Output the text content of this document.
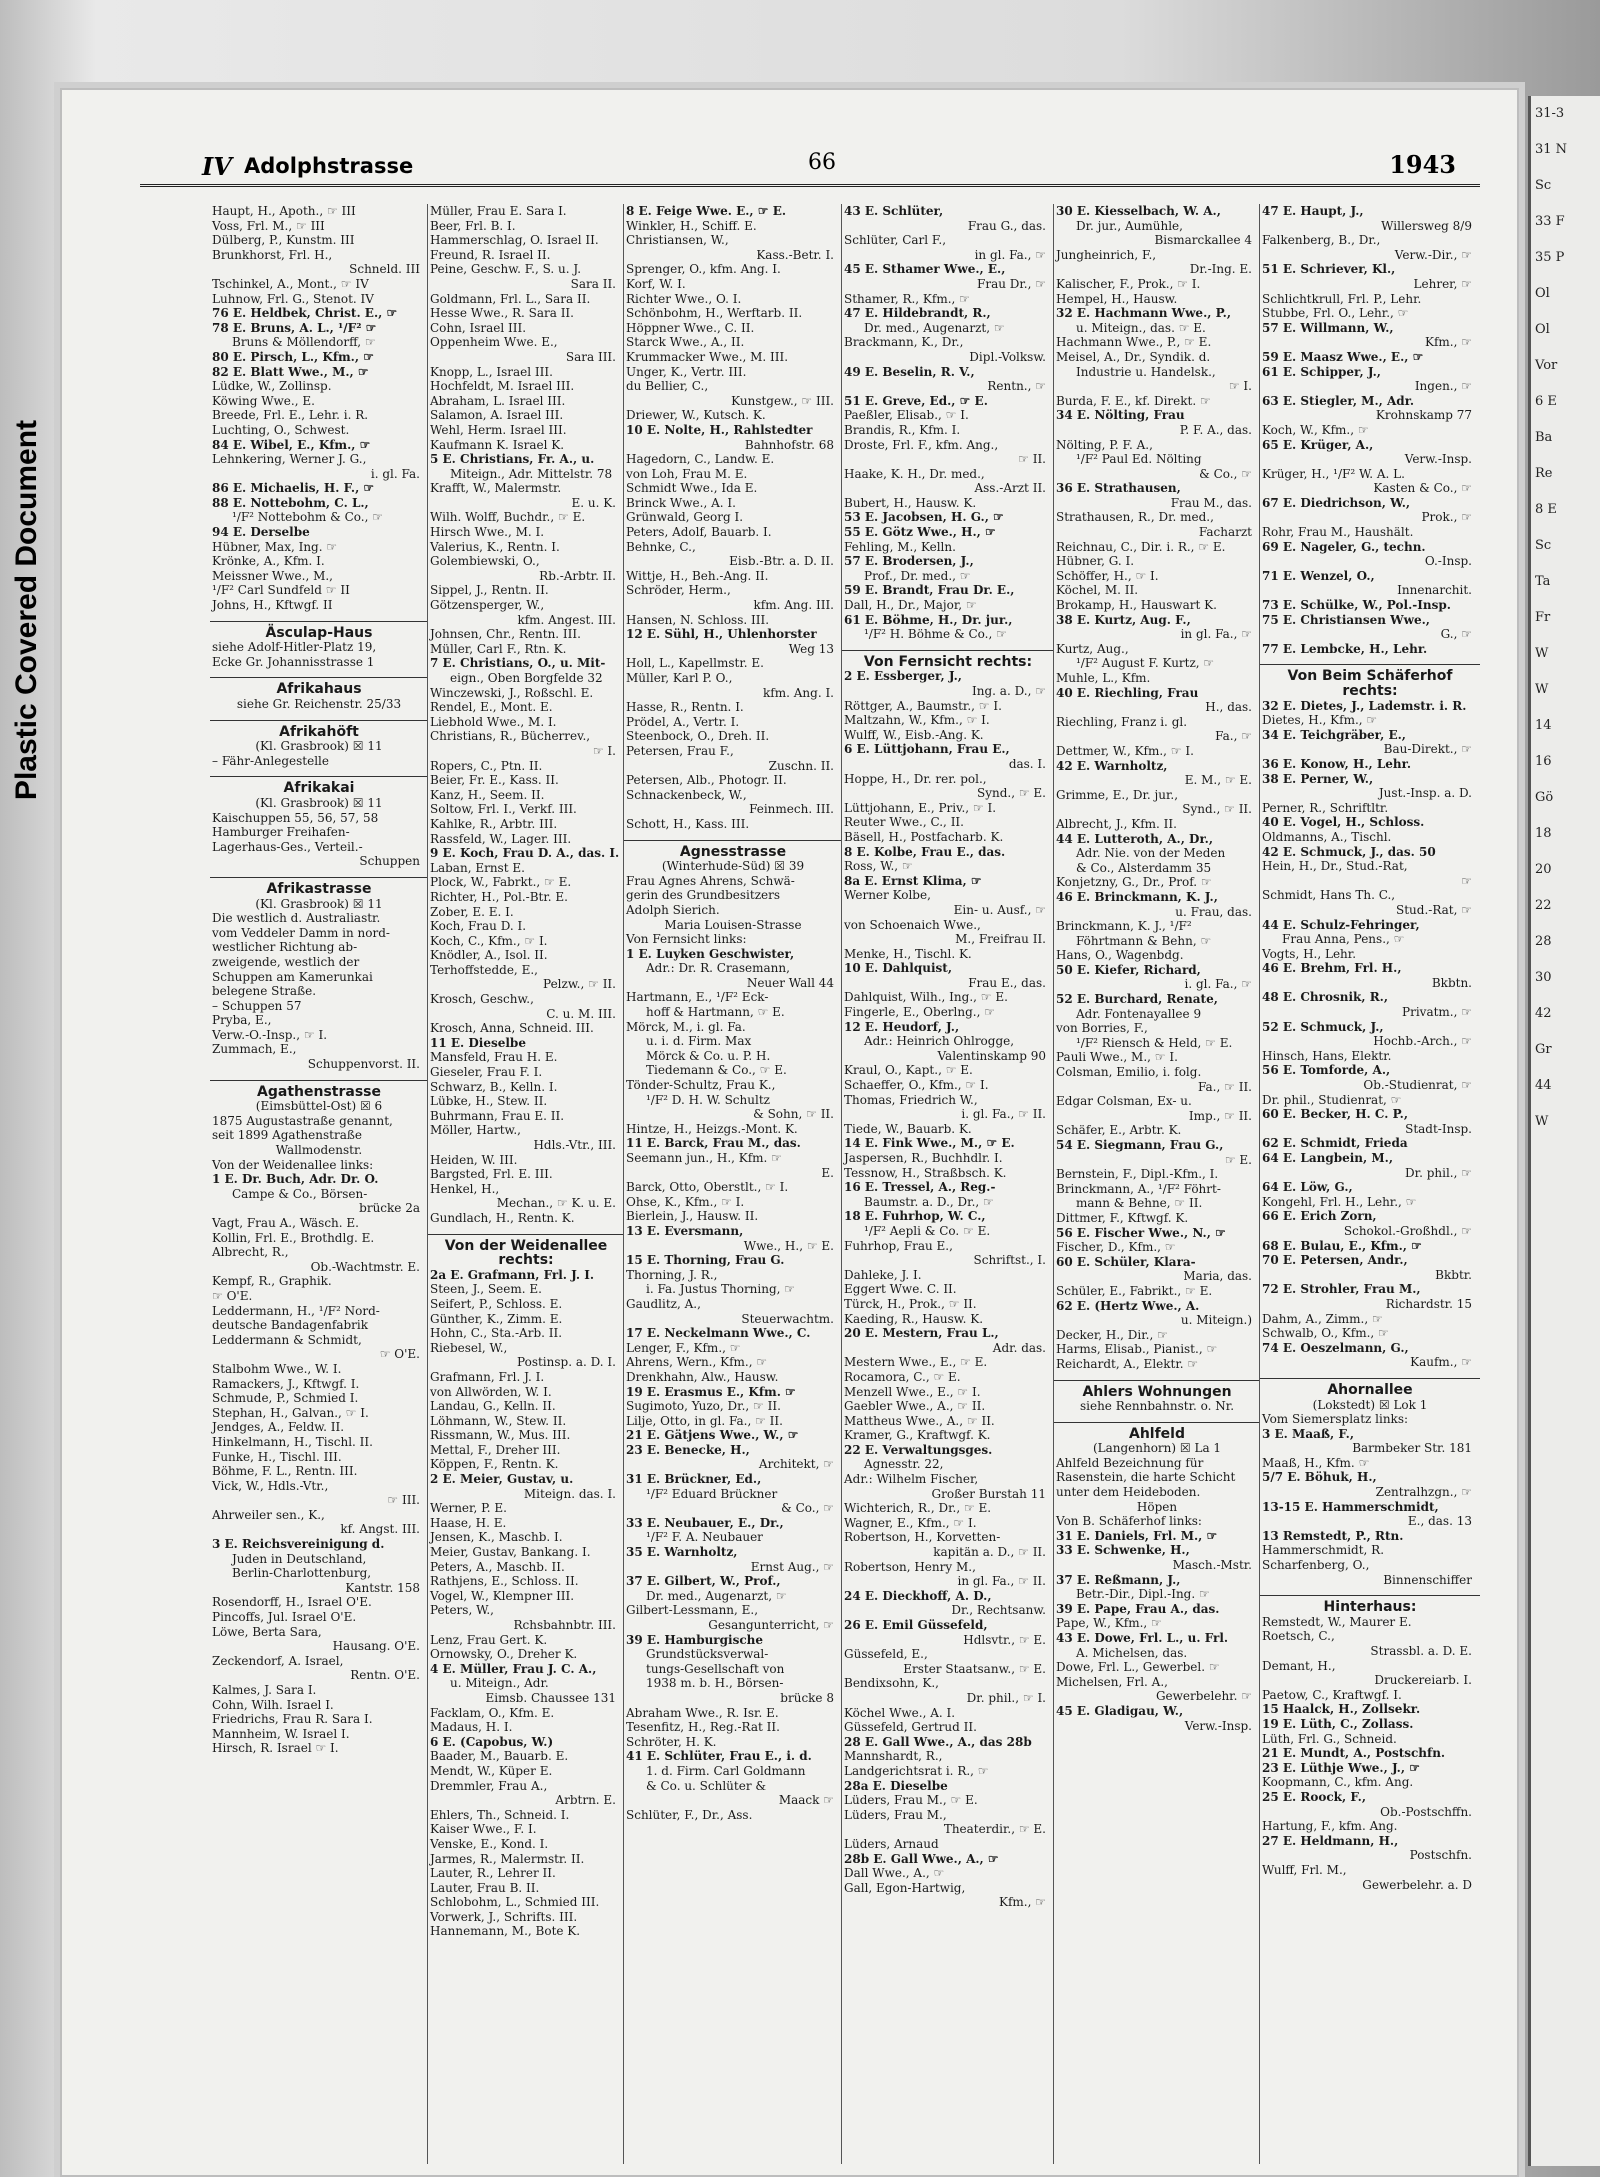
Plastic Covered Document
31-3
31 N
Sc
33 F
35 P
Ol
Ol
Vor
6 E
Ba
Re
8 E
Sc
Ta
Fr
W
W
14
16
Gö
18
20
22
28
30
42
Gr
44
W
IV Adolphstrasse	66	1943
Haupt, H., Apoth., ☞ III
Voss, Frl. M., ☞ III
Dülberg, P., Kunstm. III
Brunkhorst, Frl. H.,
Schneld. III
Tschinkel, A., Mont., ☞ IV
Luhnow, Frl. G., Stenot. IV
76 E. Heldbek, Christ. E., ☞
78 E. Bruns, A. L., ¹/F² ☞
Bruns & Möllendorff, ☞
80 E. Pirsch, L., Kfm., ☞
82 E. Blatt Wwe., M., ☞
Lüdke, W., Zollinsp.
Köwing Wwe., E.
Breede, Frl. E., Lehr. i. R.
Luchting, O., Schwest.
84 E. Wibel, E., Kfm., ☞
Lehnkering, Werner J. G.,
i. gl. Fa.
86 E. Michaelis, H. F., ☞
88 E. Nottebohm, C. L.,
¹/F² Nottebohm & Co., ☞
94 E. Derselbe
Hübner, Max, Ing. ☞
Krönke, A., Kfm. I.
Meissner Wwe., M.,
¹/F² Carl Sundfeld ☞ II
Johns, H., Kftwgf. II
Äsculap-Haus
siehe Adolf-Hitler-Platz 19,
Ecke Gr. Johannisstrasse 1
Afrikahaus
siehe Gr. Reichenstr. 25/33
Afrikahöft
(Kl. Grasbrook) ☒ 11
– Fähr-Anlegestelle
Afrikakai
(Kl. Grasbrook) ☒ 11
Kaischuppen 55, 56, 57, 58
Hamburger Freihafen-
Lagerhaus-Ges., Verteil.-
Schuppen
Afrikastrasse
(Kl. Grasbrook) ☒ 11
Die westlich d. Australiastr.
vom Veddeler Damm in nord-
westlicher Richtung ab-
zweigende, westlich der
Schuppen am Kamerunkai
belegene Straße.
– Schuppen 57
Pryba, E.,
Verw.-O.-Insp., ☞ I.
Zummach, E.,
Schuppenvorst. II.
Agathenstrasse
(Eimsbüttel-Ost) ☒ 6
1875 Augustastraße genannt,
seit 1899 Agathenstraße
Wallmodenstr.
Von der Weidenallee links:
1 E. Dr. Buch, Adr. Dr. O.
Campe & Co., Börsen-
brücke 2a
Vagt, Frau A., Wäsch. E.
Kollin, Frl. E., Brothdlg. E.
Albrecht, R.,
Ob.-Wachtmstr. E.
Kempf, R., Graphik.
☞ O'E.
Leddermann, H., ¹/F² Nord-
deutsche Bandagenfabrik
Leddermann & Schmidt,
☞ O'E.
Stalbohm Wwe., W. I.
Ramackers, J., Kftwgf. I.
Schmude, P., Schmied I.
Stephan, H., Galvan., ☞ I.
Jendges, A., Feldw. II.
Hinkelmann, H., Tischl. II.
Funke, H., Tischl. III.
Böhme, F. L., Rentn. III.
Vick, W., Hdls.-Vtr.,
☞ III.
Ahrweiler sen., K.,
kf. Angst. III.
3 E. Reichsvereinigung d.
Juden in Deutschland,
Berlin-Charlottenburg,
Kantstr. 158
Rosendorff, H., Israel O'E.
Pincoffs, Jul. Israel O'E.
Löwe, Berta Sara,
Hausang. O'E.
Zeckendorf, A. Israel,
Rentn. O'E.
Kalmes, J. Sara I.
Cohn, Wilh. Israel I.
Friedrichs, Frau R. Sara I.
Mannheim, W. Israel I.
Hirsch, R. Israel ☞ I.
Müller, Frau E. Sara I.
Beer, Frl. B. I.
Hammerschlag, O. Israel II.
Freund, R. Israel II.
Peine, Geschw. F., S. u. J.
Sara II.
Goldmann, Frl. L., Sara II.
Hesse Wwe., R. Sara II.
Cohn, Israel III.
Oppenheim Wwe. E.,
Sara III.
Knopp, L., Israel III.
Hochfeldt, M. Israel III.
Abraham, L. Israel III.
Salamon, A. Israel III.
Wehl, Herm. Israel III.
Kaufmann K. Israel K.
5 E. Christians, Fr. A., u.
Miteign., Adr. Mittelstr. 78
Krafft, W., Malermstr.
E. u. K.
Wilh. Wolff, Buchdr., ☞ E.
Hirsch Wwe., M. I.
Valerius, K., Rentn. I.
Golembiewski, O.,
Rb.-Arbtr. II.
Sippel, J., Rentn. II.
Götzensperger, W.,
kfm. Angest. III.
Johnsen, Chr., Rentn. III.
Müller, Carl F., Rtn. K.
7 E. Christians, O., u. Mit-
eign., Oben Borgfelde 32
Winczewski, J., Roßschl. E.
Rendel, E., Mont. E.
Liebhold Wwe., M. I.
Christians, R., Bücherrev.,
☞ I.
Ropers, C., Ptn. II.
Beier, Fr. E., Kass. II.
Kanz, H., Seem. II.
Soltow, Frl. I., Verkf. III.
Kahlke, R., Arbtr. III.
Rassfeld, W., Lager. III.
9 E. Koch, Frau D. A., das. I.
Laban, Ernst E.
Plock, W., Fabrkt., ☞ E.
Richter, H., Pol.-Btr. E.
Zober, E. E. I.
Koch, Frau D. I.
Koch, C., Kfm., ☞ I.
Knödler, A., Isol. II.
Terhoffstedde, E.,
Pelzw., ☞ II.
Krosch, Geschw.,
C. u. M. III.
Krosch, Anna, Schneid. III.
11 E. Dieselbe
Mansfeld, Frau H. E.
Gieseler, Frau F. I.
Schwarz, B., Kelln. I.
Lübke, H., Stew. II.
Buhrmann, Frau E. II.
Möller, Hartw.,
Hdls.-Vtr., III.
Heiden, W. III.
Bargsted, Frl. E. III.
Henkel, H.,
Mechan., ☞ K. u. E.
Gundlach, H., Rentn. K.
Von der Weidenallee rechts:
2a E. Grafmann, Frl. J. I.
Steen, J., Seem. E.
Seifert, P., Schloss. E.
Günther, K., Zimm. E.
Hohn, C., Sta.-Arb. II.
Riebesel, W.,
Postinsp. a. D. I.
Grafmann, Frl. J. I.
von Allwörden, W. I.
Landau, G., Kelln. II.
Löhmann, W., Stew. II.
Rissmann, W., Mus. III.
Mettal, F., Dreher III.
Köppen, F., Rentn. K.
2 E. Meier, Gustav, u.
Miteign. das. I.
Werner, P. E.
Haase, H. E.
Jensen, K., Maschb. I.
Meier, Gustav, Bankang. I.
Peters, A., Maschb. II.
Rathjens, E., Schloss. II.
Vogel, W., Klempner III.
Peters, W.,
Rchsbahnbtr. III.
Lenz, Frau Gert. K.
Ornowsky, O., Dreher K.
4 E. Müller, Frau J. C. A.,
u. Miteign., Adr.
Eimsb. Chaussee 131
Facklam, O., Kfm. E.
Madaus, H. I.
6 E. (Capobus, W.)
Baader, M., Bauarb. E.
Mendt, W., Küper E.
Dremmler, Frau A.,
Arbtrn. E.
Ehlers, Th., Schneid. I.
Kaiser Wwe., F. I.
Venske, E., Kond. I.
Jarmes, R., Malermstr. II.
Lauter, R., Lehrer II.
Lauter, Frau B. II.
Schlobohm, L., Schmied III.
Vorwerk, J., Schrifts. III.
Hannemann, M., Bote K.
8 E. Feige Wwe. E., ☞ E.
Winkler, H., Schiff. E.
Christiansen, W.,
Kass.-Betr. I.
Sprenger, O., kfm. Ang. I.
Korf, W. I.
Richter Wwe., O. I.
Schönbohm, H., Werftarb. II.
Höppner Wwe., C. II.
Starck Wwe., A., II.
Krummacker Wwe., M. III.
Unger, K., Vertr. III.
du Bellier, C.,
Kunstgew., ☞ III.
Driewer, W., Kutsch. K.
10 E. Nolte, H., Rahlstedter
Bahnhofstr. 68
Hagedorn, C., Landw. E.
von Loh, Frau M. E.
Schmidt Wwe., Ida E.
Brinck Wwe., A. I.
Grünwald, Georg I.
Peters, Adolf, Bauarb. I.
Behnke, C.,
Eisb.-Btr. a. D. II.
Wittje, H., Beh.-Ang. II.
Schröder, Herm.,
kfm. Ang. III.
Hansen, N. Schloss. III.
12 E. Sühl, H., Uhlenhorster
Weg 13
Holl, L., Kapellmstr. E.
Müller, Karl P. O.,
kfm. Ang. I.
Hasse, R., Rentn. I.
Prödel, A., Vertr. I.
Steenbock, O., Dreh. II.
Petersen, Frau F.,
Zuschn. II.
Petersen, Alb., Photogr. II.
Schnackenbeck, W.,
Feinmech. III.
Schott, H., Kass. III.
Agnesstrasse
(Winterhude-Süd) ☒ 39
Frau Agnes Ahrens, Schwä-
gerin des Grundbesitzers
Adolph Sierich.
Maria Louisen-Strasse
Von Fernsicht links:
1 E. Luyken Geschwister,
Adr.: Dr. R. Crasemann,
Neuer Wall 44
Hartmann, E., ¹/F² Eck-
hoff & Hartmann, ☞ E.
Mörck, M., i. gl. Fa.
u. i. d. Firm. Max
Mörck & Co. u. P. H.
Tiedemann & Co., ☞ E.
Tönder-Schultz, Frau K.,
¹/F² D. H. W. Schultz
& Sohn, ☞ II.
Hintze, H., Heizgs.-Mont. K.
11 E. Barck, Frau M., das.
Seemann jun., H., Kfm. ☞
E.
Barck, Otto, Oberstlt., ☞ I.
Ohse, K., Kfm., ☞ I.
Bierlein, J., Hausw. II.
13 E. Eversmann,
Wwe., H., ☞ E.
15 E. Thorning, Frau G.
Thorning, J. R.,
i. Fa. Justus Thorning, ☞
Gaudlitz, A.,
Steuerwachtm.
17 E. Neckelmann Wwe., C.
Lenger, F., Kfm., ☞
Ahrens, Wern., Kfm., ☞
Drenkhahn, Alw., Hausw.
19 E. Erasmus E., Kfm. ☞
Sugimoto, Yuzo, Dr., ☞ II.
Lilje, Otto, in gl. Fa., ☞ II.
21 E. Gätjens Wwe., W., ☞
23 E. Benecke, H.,
Architekt, ☞
31 E. Brückner, Ed.,
¹/F² Eduard Brückner
& Co., ☞
33 E. Neubauer, E., Dr.,
¹/F² F. A. Neubauer
35 E. Warnholtz,
Ernst Aug., ☞
37 E. Gilbert, W., Prof.,
Dr. med., Augenarzt, ☞
Gilbert-Lessmann, E.,
Gesangunterricht, ☞
39 E. Hamburgische
Grundstücksverwal-
tungs-Gesellschaft von
1938 m. b. H., Börsen-
brücke 8
Abraham Wwe., R. Isr. E.
Tesenfitz, H., Reg.-Rat II.
Schröter, H. K.
41 E. Schlüter, Frau E., i. d.
1. d. Firm. Carl Goldmann
& Co. u. Schlüter &
Maack ☞
Schlüter, F., Dr., Ass.
43 E. Schlüter,
Frau G., das.
Schlüter, Carl F.,
in gl. Fa., ☞
45 E. Sthamer Wwe., E.,
Frau Dr., ☞
Sthamer, R., Kfm., ☞
47 E. Hildebrandt, R.,
Dr. med., Augenarzt, ☞
Brackmann, K., Dr.,
Dipl.-Volksw.
49 E. Beselin, R. V.,
Rentn., ☞
51 E. Greve, Ed., ☞ E.
Paeßler, Elisab., ☞ I.
Brandis, R., Kfm. I.
Droste, Frl. F., kfm. Ang.,
☞ II.
Haake, K. H., Dr. med.,
Ass.-Arzt II.
Bubert, H., Hausw. K.
53 E. Jacobsen, H. G., ☞
55 E. Götz Wwe., H., ☞
Fehling, M., Kelln.
57 E. Brodersen, J.,
Prof., Dr. med., ☞
59 E. Brandt, Frau Dr. E.,
Dall, H., Dr., Major, ☞
61 E. Böhme, H., Dr. jur.,
¹/F² H. Böhme & Co., ☞
Von Fernsicht rechts:
2 E. Essberger, J.,
Ing. a. D., ☞
Röttger, A., Baumstr., ☞ I.
Maltzahn, W., Kfm., ☞ I.
Wulff, W., Eisb.-Ang. K.
6 E. Lüttjohann, Frau E.,
das. I.
Hoppe, H., Dr. rer. pol.,
Synd., ☞ E.
Lüttjohann, E., Priv., ☞ I.
Reuter Wwe., C., II.
Bäsell, H., Postfacharb. K.
8 E. Kolbe, Frau E., das.
Ross, W., ☞
8a E. Ernst Klima, ☞
Werner Kolbe,
Ein- u. Ausf., ☞
von Schoenaich Wwe.,
M., Freifrau II.
Menke, H., Tischl. K.
10 E. Dahlquist,
Frau E., das.
Dahlquist, Wilh., Ing., ☞ E.
Fingerle, E., Oberlng., ☞
12 E. Heudorf, J.,
Adr.: Heinrich Ohlrogge,
Valentinskamp 90
Kraul, O., Kapt., ☞ E.
Schaeffer, O., Kfm., ☞ I.
Thomas, Friedrich W.,
i. gl. Fa., ☞ II.
Tiede, W., Bauarb. K.
14 E. Fink Wwe., M., ☞ E.
Jaspersen, R., Buchhdlr. I.
Tessnow, H., Straßbsch. K.
16 E. Tressel, A., Reg.-
Baumstr. a. D., Dr., ☞
18 E. Fuhrhop, W. C.,
¹/F² Aepli & Co. ☞ E.
Fuhrhop, Frau E.,
Schriftst., I.
Dahleke, J. I.
Eggert Wwe. C. II.
Türck, H., Prok., ☞ II.
Kaeding, R., Hausw. K.
20 E. Mestern, Frau L.,
Adr. das.
Mestern Wwe., E., ☞ E.
Rocamora, C., ☞ E.
Menzell Wwe., E., ☞ I.
Gaebler Wwe., A., ☞ II.
Mattheus Wwe., A., ☞ II.
Kramer, G., Kraftwgf. K.
22 E. Verwaltungsges.
Agnesstr. 22,
Adr.: Wilhelm Fischer,
Großer Burstah 11
Wichterich, R., Dr., ☞ E.
Wagner, E., Kfm., ☞ I.
Robertson, H., Korvetten-
kapitän a. D., ☞ II.
Robertson, Henry M.,
in gl. Fa., ☞ II.
24 E. Dieckhoff, A. D.,
Dr., Rechtsanw.
26 E. Emil Güssefeld,
Hdlsvtr., ☞ E.
Güssefeld, E.,
Erster Staatsanw., ☞ E.
Bendixsohn, K.,
Dr. phil., ☞ I.
Köchel Wwe., A. I.
Güssefeld, Gertrud II.
28 E. Gall Wwe., A., das 28b
Mannshardt, R.,
Landgerichtsrat i. R., ☞
28a E. Dieselbe
Lüders, Frau M., ☞ E.
Lüders, Frau M.,
Theaterdir., ☞ E.
Lüders, Arnaud
28b E. Gall Wwe., A., ☞
Dall Wwe., A., ☞
Gall, Egon-Hartwig,
Kfm., ☞
30 E. Kiesselbach, W. A.,
Dr. jur., Aumühle,
Bismarckallee 4
Jungheinrich, F.,
Dr.-Ing. E.
Kalischer, F., Prok., ☞ I.
Hempel, H., Hausw.
32 E. Hachmann Wwe., P.,
u. Miteign., das. ☞ E.
Hachmann Wwe., P., ☞ E.
Meisel, A., Dr., Syndik. d.
Industrie u. Handelsk.,
☞ I.
Burda, F. E., kf. Direkt. ☞
34 E. Nölting, Frau
P. F. A., das.
Nölting, P. F. A.,
¹/F² Paul Ed. Nölting
& Co., ☞
36 E. Strathausen,
Frau M., das.
Strathausen, R., Dr. med.,
Facharzt
Reichnau, C., Dir. i. R., ☞ E.
Hübner, G. I.
Schöffer, H., ☞ I.
Köchel, M. II.
Brokamp, H., Hauswart K.
38 E. Kurtz, Aug. F.,
in gl. Fa., ☞
Kurtz, Aug.,
¹/F² August F. Kurtz, ☞
Muhle, L., Kfm.
40 E. Riechling, Frau
H., das.
Riechling, Franz i. gl.
Fa., ☞
Dettmer, W., Kfm., ☞ I.
42 E. Warnholtz,
E. M., ☞ E.
Grimme, E., Dr. jur.,
Synd., ☞ II.
Albrecht, J., Kfm. II.
44 E. Lutteroth, A., Dr.,
Adr. Nie. von der Meden
& Co., Alsterdamm 35
Konjetzny, G., Dr., Prof. ☞
46 E. Brinckmann, K. J.,
u. Frau, das.
Brinckmann, K. J., ¹/F²
Föhrtmann & Behn, ☞
Hans, O., Wagenbdg.
50 E. Kiefer, Richard,
i. gl. Fa., ☞
52 E. Burchard, Renate,
Adr. Fontenayallee 9
von Borries, F.,
¹/F² Riensch & Held, ☞ E.
Pauli Wwe., M., ☞ I.
Colsman, Emilio, i. folg.
Fa., ☞ II.
Edgar Colsman, Ex- u.
Imp., ☞ II.
Schäfer, E., Arbtr. K.
54 E. Siegmann, Frau G.,
☞ E.
Bernstein, F., Dipl.-Kfm., I.
Brinckmann, A., ¹/F² Föhrt-
mann & Behne, ☞ II.
Dittmer, F., Kftwgf. K.
56 E. Fischer Wwe., N., ☞
Fischer, D., Kfm., ☞
60 E. Schüler, Klara-
Maria, das.
Schüler, E., Fabrikt., ☞ E.
62 E. (Hertz Wwe., A.
u. Miteign.)
Decker, H., Dir., ☞
Harms, Elisab., Pianist., ☞
Reichardt, A., Elektr. ☞
Ahlers Wohnungen
siehe Rennbahnstr. o. Nr.
Ahlfeld
(Langenhorn) ☒ La 1
Ahlfeld Bezeichnung für
Rasenstein, die harte Schicht
unter dem Heideboden.
Höpen
Von B. Schäferhof links:
31 E. Daniels, Frl. M., ☞
33 E. Schwenke, H.,
Masch.-Mstr.
37 E. Reßmann, J.,
Betr.-Dir., Dipl.-Ing. ☞
39 E. Pape, Frau A., das.
Pape, W., Kfm., ☞
43 E. Dowe, Frl. L., u. Frl.
A. Michelsen, das.
Dowe, Frl. L., Gewerbel. ☞
Michelsen, Frl. A.,
Gewerbelehr. ☞
45 E. Gladigau, W.,
Verw.-Insp.
47 E. Haupt, J.,
Willersweg 8/9
Falkenberg, B., Dr.,
Verw.-Dir., ☞
51 E. Schriever, Kl.,
Lehrer, ☞
Schlichtkrull, Frl. P., Lehr.
Stubbe, Frl. O., Lehr., ☞
57 E. Willmann, W.,
Kfm., ☞
59 E. Maasz Wwe., E., ☞
61 E. Schipper, J.,
Ingen., ☞
63 E. Stiegler, M., Adr.
Krohnskamp 77
Koch, W., Kfm., ☞
65 E. Krüger, A.,
Verw.-Insp.
Krüger, H., ¹/F² W. A. L.
Kasten & Co., ☞
67 E. Diedrichson, W.,
Prok., ☞
Rohr, Frau M., Haushält.
69 E. Nageler, G., techn.
O.-Insp.
71 E. Wenzel, O.,
Innenarchit.
73 E. Schülke, W., Pol.-Insp.
75 E. Christiansen Wwe.,
G., ☞
77 E. Lembcke, H., Lehr.
Von Beim Schäferhof rechts:
32 E. Dietes, J., Lademstr. i. R.
Dietes, H., Kfm., ☞
34 E. Teichgräber, E.,
Bau-Direkt., ☞
36 E. Konow, H., Lehr.
38 E. Perner, W.,
Just.-Insp. a. D.
Perner, R., Schriftltr.
40 E. Vogel, H., Schloss.
Oldmanns, A., Tischl.
42 E. Schmuck, J., das. 50
Hein, H., Dr., Stud.-Rat,
☞
Schmidt, Hans Th. C.,
Stud.-Rat, ☞
44 E. Schulz-Fehringer,
Frau Anna, Pens., ☞
Vogts, H., Lehr.
46 E. Brehm, Frl. H.,
Bkbtn.
48 E. Chrosnik, R.,
Privatm., ☞
52 E. Schmuck, J.,
Hochb.-Arch., ☞
Hinsch, Hans, Elektr.
56 E. Tomforde, A.,
Ob.-Studienrat, ☞
Dr. phil., Studienrat, ☞
60 E. Becker, H. C. P.,
Stadt-Insp.
62 E. Schmidt, Frieda
64 E. Langbein, M.,
Dr. phil., ☞
64 E. Löw, G.,
Kongehl, Frl. H., Lehr., ☞
66 E. Erich Zorn,
Schokol.-Großhdl., ☞
68 E. Bulau, E., Kfm., ☞
70 E. Petersen, Andr.,
Bkbtr.
72 E. Strohler, Frau M.,
Richardstr. 15
Dahm, A., Zimm., ☞
Schwalb, O., Kfm., ☞
74 E. Oeszelmann, G.,
Kaufm., ☞
Ahornallee
(Lokstedt) ☒ Lok 1
Vom Siemersplatz links:
3 E. Maaß, F.,
Barmbeker Str. 181
Maaß, H., Kfm. ☞
5/7 E. Böhuk, H.,
Zentralhzgn., ☞
13-15 E. Hammerschmidt,
E., das. 13
13 Remstedt, P., Rtn.
Hammerschmidt, R.
Scharfenberg, O.,
Binnenschiffer
Hinterhaus:
Remstedt, W., Maurer E.
Roetsch, C.,
Strassbl. a. D. E.
Demant, H.,
Druckereiarb. I.
Paetow, C., Kraftwgf. I.
15 Haalck, H., Zollsekr.
19 E. Lüth, C., Zollass.
Lüth, Frl. G., Schneid.
21 E. Mundt, A., Postschfn.
23 E. Lüthje Wwe., J., ☞
Koopmann, C., kfm. Ang.
25 E. Roock, F.,
Ob.-Postschffn.
Hartung, F., kfm. Ang.
27 E. Heldmann, H.,
Postschfn.
Wulff, Frl. M.,
Gewerbelehr. a. D
